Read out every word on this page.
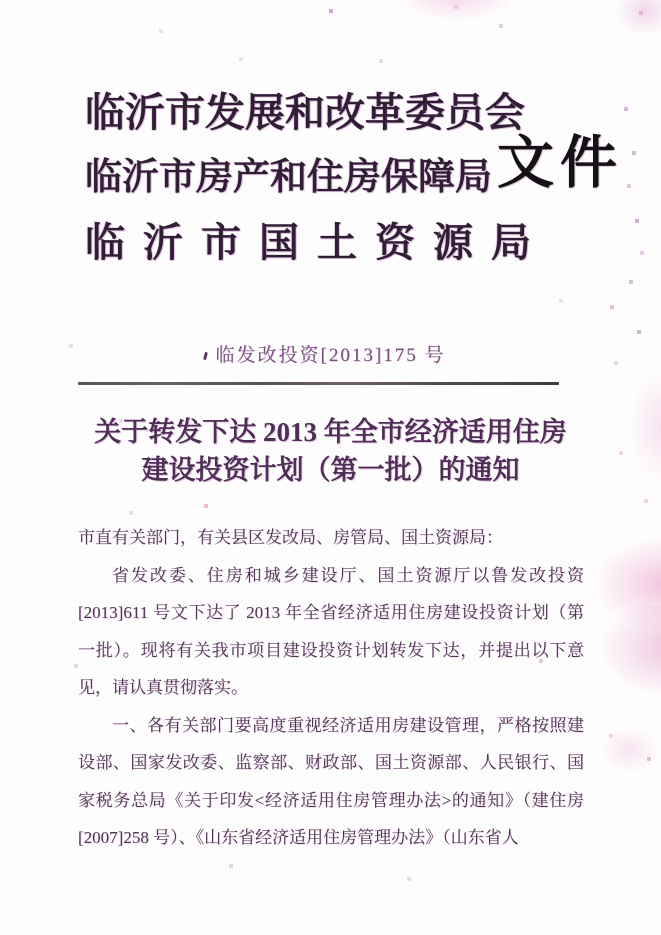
临沂市发展和改革委员会
临沂市房产和住房保障局
临沂市国土资源局
文件
临发改投资[2013]175 号
关于转发下达 2013 年全市经济适用住房
建设投资计划（第一批）的通知

市直有关部门，有关县区发改局、房管局、国土资源局：

省发改委、住房和城乡建设厅、国土资源厅以鲁发改投资[2013]611 号文下达了 2013 年全省经济适用住房建设投资计划（第一批）。现将有关我市项目建设投资计划转发下达，并提出以下意见，请认真贯彻落实。

一、各有关部门要高度重视经济适用房建设管理，严格按照建设部、国家发改委、监察部、财政部、国土资源部、人民银行、国家税务总局《关于印发<经济适用住房管理办法>的通知》（建住房[2007]258 号）、《山东省经济适用住房管理办法》（山东省人
